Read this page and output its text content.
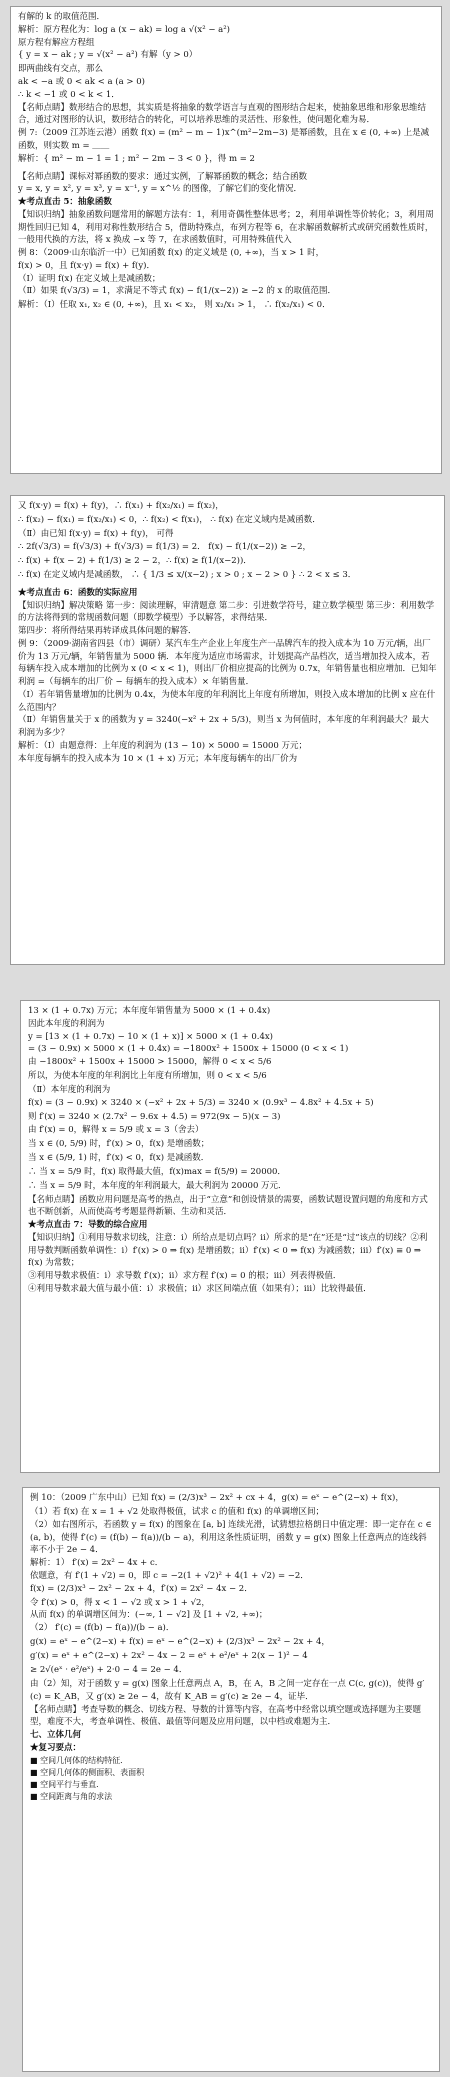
有解的 k 的取值范围．
解析：原方程化为：log a (x − ak) = log a √(x² − a²)
原方程有解应方程组
{ y = x − ak ; y = √(x² − a²) 有解（y > 0）
即两曲线有交点，那么
ak < −a 或 0 < ak < a (a > 0)
∴ k < −1 或 0 < k < 1．
【名师点睛】数形结合的思想，其实质是将抽象的数学语言与直观的图形结合起来，使抽象思维和形象思维结合，通过对图形的认识，数形结合的转化，可以培养思维的灵活性、形象性，使问题化难为易．
例 7:（2009 江苏连云港）函数 f(x) = (m² − m − 1)x^(m²−2m−3) 是幂函数，且在 x ∈ (0, +∞) 上是减函数，则实数 m = ＿＿
解析：{ m² − m − 1 = 1 ; m² − 2m − 3 < 0 }，得 m = 2
【名师点睛】课标对幂函数的要求：通过实例，了解幂函数的概念；结合函数
y = x, y = x², y = x³, y = x⁻¹, y = x^½ 的图像，了解它们的变化情况．
★考点直击 5：抽象函数
【知识归纳】抽象函数问题常用的解题方法有：1，利用奇偶性整体思考；2，利用单调性等价转化；3，利用周期性回归已知 4，利用对称性数形结合 5，借助特殊点，布列方程等 6，在求解函数解析式或研究函数性质时，一般用代换的方法，将 x 换成 −x 等 7，在求函数值时，可用特殊值代入
例 8：（2009·山东临沂一中）已知函数 f(x) 的定义域是 (0, +∞)，当 x > 1 时，
f(x) > 0，且 f(x·y) = f(x) + f(y)．
（Ⅰ）证明 f(x) 在定义域上是减函数；
（Ⅱ）如果 f(√3/3) = 1，求满足不等式 f(x) − f(1/(x−2)) ≥ −2 的 x 的取值范围．
解析：（Ⅰ）任取 x₁, x₂ ∈ (0, +∞)，且 x₁ < x₂， 则 x₂/x₁ > 1， ∴ f(x₂/x₁) < 0．
又 f(x·y) = f(x) + f(y)，∴ f(x₁) + f(x₂/x₁) = f(x₂)，
∴ f(x₂) − f(x₁) = f(x₂/x₁) < 0，∴ f(x₂) < f(x₁)， ∴ f(x) 在定义域内是减函数．
（Ⅱ）由已知 f(x·y) = f(x) + f(y)， 可得
∴ 2f(√3/3) = f(√3/3) + f(√3/3) = f(1/3) = 2． f(x) − f(1/(x−2)) ≥ −2，
∴ f(x) + f(x − 2) + f(1/3) ≥ 2 − 2，∴ f(x) ≥ f(1/(x−2))．
∴ f(x) 在定义域内是减函数， ∴ { 1/3 ≤ x/(x−2) ; x > 0 ; x − 2 > 0 } ∴ 2 < x ≤ 3．
★考点直击 6：函数的实际应用
【知识归纳】解决策略 第一步：阅读理解，审清题意 第二步：引进数学符号，建立数学模型 第三步：利用数学的方法将得到的常规函数问题（即数学模型）予以解答，求得结果．
第四步：将所得结果再转译成具体问题的解答．
例 9：（2009·湖南省四县（市）调研）某汽车生产企业上年度生产一品牌汽车的投入成本为 10 万元/辆，出厂价为 13 万元/辆，年销售量为 5000 辆．本年度为适应市场需求，计划提高产品档次，适当增加投入成本，若每辆车投入成本增加的比例为 x (0 < x < 1)，则出厂价相应提高的比例为 0.7x，年销售量也相应增加．已知年利润 =（每辆车的出厂价 − 每辆车的投入成本）× 年销售量．
（Ⅰ）若年销售量增加的比例为 0.4x，为使本年度的年利润比上年度有所增加，则投入成本增加的比例 x 应在什么范围内？
（Ⅱ）年销售量关于 x 的函数为 y = 3240(−x² + 2x + 5/3)，则当 x 为何值时，本年度的年利润最大？最大利润为多少？
解析：（Ⅰ）由题意得：上年度的利润为 (13 − 10) × 5000 = 15000 万元；
本年度每辆车的投入成本为 10 × (1 + x) 万元；本年度每辆车的出厂价为
13 × (1 + 0.7x) 万元；本年度年销售量为 5000 × (1 + 0.4x)
因此本年度的利润为
y = [13 × (1 + 0.7x) − 10 × (1 + x)] × 5000 × (1 + 0.4x)
= (3 − 0.9x) × 5000 × (1 + 0.4x) = −1800x² + 1500x + 15000 (0 < x < 1)
由 −1800x² + 1500x + 15000 > 15000，解得 0 < x < 5/6
所以，为使本年度的年利润比上年度有所增加，则 0 < x < 5/6
（Ⅱ）本年度的利润为
f(x) = (3 − 0.9x) × 3240 × (−x² + 2x + 5/3) = 3240 × (0.9x³ − 4.8x² + 4.5x + 5)
则 f′(x) = 3240 × (2.7x² − 9.6x + 4.5) = 972(9x − 5)(x − 3)
由 f′(x) = 0，解得 x = 5/9 或 x = 3（舍去）
当 x ∈ (0, 5/9) 时，f′(x) > 0，f(x) 是增函数；
当 x ∈ (5/9, 1) 时，f′(x) < 0，f(x) 是减函数．
∴ 当 x = 5/9 时，f(x) 取得最大值，f(x)max = f(5/9) = 20000．
∴ 当 x = 5/9 时，本年度的年利润最大，最大利润为 20000 万元．
【名师点睛】函数应用问题是高考的热点，出于“立意”和创设情景的需要，函数试题设置问题的角度和方式也不断创新，从而使高考考题显得新颖、生动和灵活．
★考点直击 7：导数的综合应用
【知识归纳】①利用导数求切线，注意：i）所给点是切点吗？ii）所求的是“在”还是“过”该点的切线？②利用导数判断函数单调性：i）f′(x) > 0 ⇒ f(x) 是增函数；ii）f′(x) < 0 ⇒ f(x) 为减函数；iii）f′(x) ≡ 0 ⇒ f(x) 为常数；
③利用导数求极值：i）求导数 f′(x)；ii）求方程 f′(x) = 0 的根；iii）列表得极值．
④利用导数求最大值与最小值：i）求极值；ii）求区间端点值（如果有）；iii）比较得最值．
例 10：（2009 广东中山）已知 f(x) = (2/3)x³ − 2x² + cx + 4，g(x) = eˣ − e^(2−x) + f(x)，
（1）若 f(x) 在 x = 1 + √2 处取得极值，试求 c 的值和 f(x) 的单调增区间；
（2）如右图所示，若函数 y = f(x) 的图象在 [a, b] 连续光滑，试猜想拉格朗日中值定理：即一定存在 c ∈ (a, b)，使得 f′(c) = (f(b) − f(a))/(b − a)，利用这条性质证明，函数 y = g(x) 图象上任意两点的连线斜率不小于 2e − 4．
解析：1） f′(x) = 2x² − 4x + c．
依题意，有 f′(1 + √2) = 0，即 c = −2(1 + √2)² + 4(1 + √2) = −2．
f(x) = (2/3)x³ − 2x² − 2x + 4，f′(x) = 2x² − 4x − 2．
令 f′(x) > 0，得 x < 1 − √2 或 x > 1 + √2，
从而 f(x) 的单调增区间为：(−∞, 1 − √2] 及 [1 + √2, +∞)；
（2） f′(c) = (f(b) − f(a))/(b − a)．
g(x) = eˣ − e^(2−x) + f(x) = eˣ − e^(2−x) + (2/3)x³ − 2x² − 2x + 4，
g′(x) = eˣ + e^(2−x) + 2x² − 4x − 2 = eˣ + e²/eˣ + 2(x − 1)² − 4
≥ 2√(eˣ · e²/eˣ) + 2·0 − 4 = 2e − 4．
由（2）知，对于函数 y = g(x) 图象上任意两点 A，B，在 A，B 之间一定存在一点 C(c, g(c))，使得 g′(c) = K_AB，又 g′(x) ≥ 2e − 4，故有 K_AB = g′(c) ≥ 2e − 4，证毕．
【名师点睛】考查导数的概念、切线方程、导数的计算等内容，在高考中经常以填空题或选择题为主要题型，难度不大，考查单调性、极值、最值等问题及应用问题，以中档或难题为主．
七、立体几何
★复习要点：
■ 空间几何体的结构特征．
■ 空间几何体的侧面积、表面积
■ 空间平行与垂直．
■ 空间距离与角的求法
